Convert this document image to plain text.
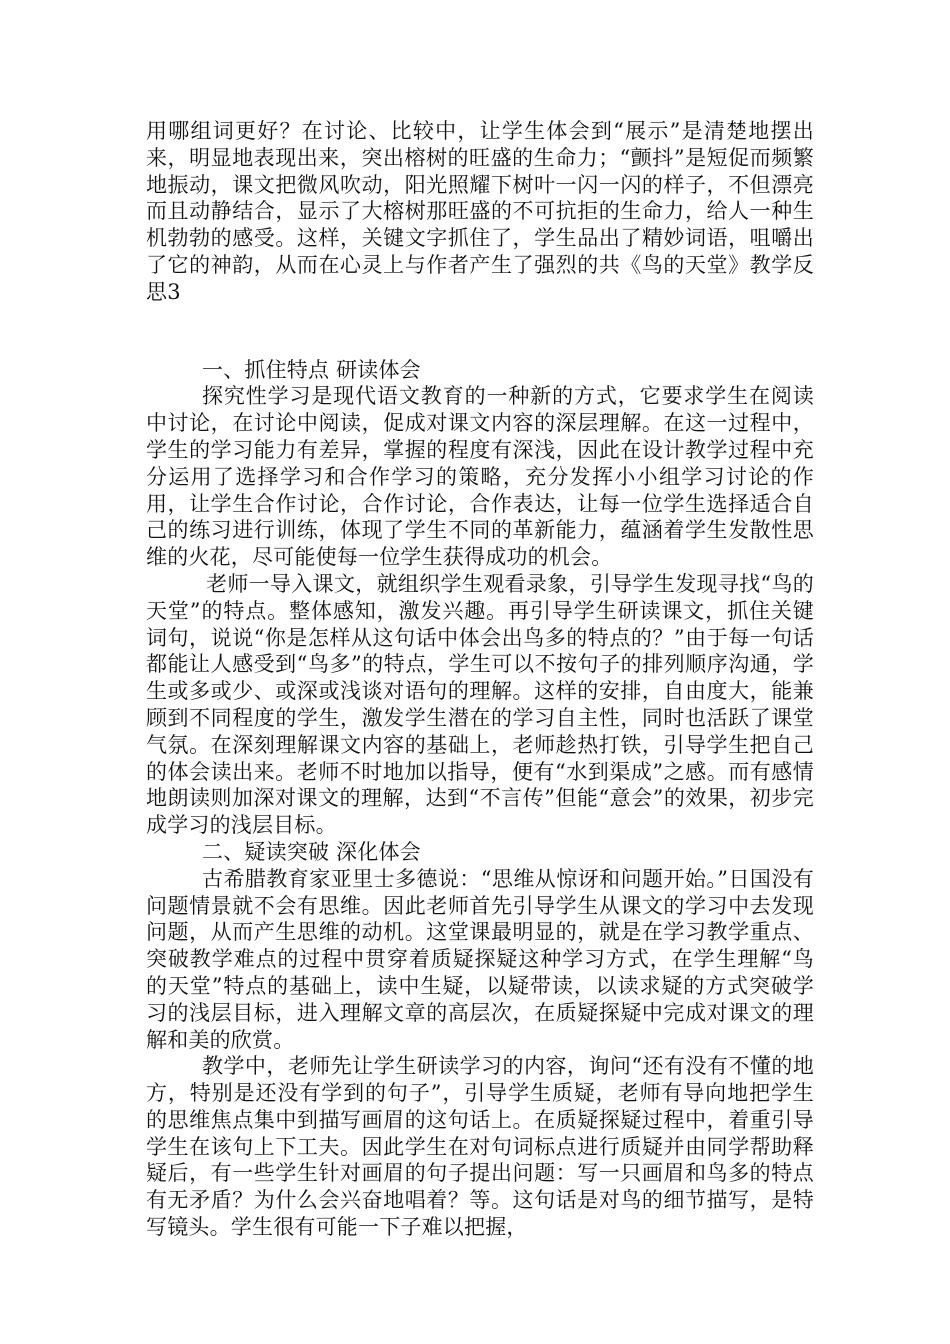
用哪组词更好？在讨论、比较中，让学生体会到“展示”是清楚地摆出来，明显地表现出来，突出榕树的旺盛的生命力；“颤抖”是短促而频繁地振动，课文把微风吹动，阳光照耀下树叶一闪一闪的样子，不但漂亮而且动静结合，显示了大榕树那旺盛的不可抗拒的生命力，给人一种生机勃勃的感受。这样，关键文字抓住了，学生品出了精妙词语，咀嚼出了它的神韵，从而在心灵上与作者产生了强烈的共《鸟的天堂》教学反思3

一、抓住特点 研读体会

探究性学习是现代语文教育的一种新的方式，它要求学生在阅读中讨论，在讨论中阅读，促成对课文内容的深层理解。在这一过程中，学生的学习能力有差异，掌握的程度有深浅，因此在设计教学过程中充分运用了选择学习和合作学习的策略，充分发挥小小组学习讨论的作用，让学生合作讨论，合作讨论，合作表达，让每一位学生选择适合自己的练习进行训练，体现了学生不同的革新能力，蕴涵着学生发散性思维的火花，尽可能使每一位学生获得成功的机会。

老师一导入课文，就组织学生观看录象，引导学生发现寻找“鸟的天堂”的特点。整体感知，激发兴趣。再引导学生研读课文，抓住关键词句，说说“你是怎样从这句话中体会出鸟多的特点的？”由于每一句话都能让人感受到“鸟多”的特点，学生可以不按句子的排列顺序沟通，学生或多或少、或深或浅谈对语句的理解。这样的安排，自由度大，能兼顾到不同程度的学生，激发学生潜在的学习自主性，同时也活跃了课堂气氛。在深刻理解课文内容的基础上，老师趁热打铁，引导学生把自己的体会读出来。老师不时地加以指导，便有“水到渠成”之感。而有感情地朗读则加深对课文的理解，达到“不言传”但能“意会”的效果，初步完成学习的浅层目标。

二、疑读突破 深化体会

古希腊教育家亚里士多德说：“思维从惊讶和问题开始。”日国没有问题情景就不会有思维。因此老师首先引导学生从课文的学习中去发现问题，从而产生思维的动机。这堂课最明显的，就是在学习教学重点、突破教学难点的过程中贯穿着质疑探疑这种学习方式，在学生理解“鸟的天堂”特点的基础上，读中生疑，以疑带读，以读求疑的方式突破学习的浅层目标，进入理解文章的高层次，在质疑探疑中完成对课文的理解和美的欣赏。

教学中，老师先让学生研读学习的内容，询问“还有没有不懂的地方，特别是还没有学到的句子”，引导学生质疑，老师有导向地把学生的思维焦点集中到描写画眉的这句话上。在质疑探疑过程中，着重引导学生在该句上下工夫。因此学生在对句词标点进行质疑并由同学帮助释疑后，有一些学生针对画眉的句子提出问题：写一只画眉和鸟多的特点有无矛盾？为什么会兴奋地唱着？等。这句话是对鸟的细节描写，是特写镜头。学生很有可能一下子难以把握，
